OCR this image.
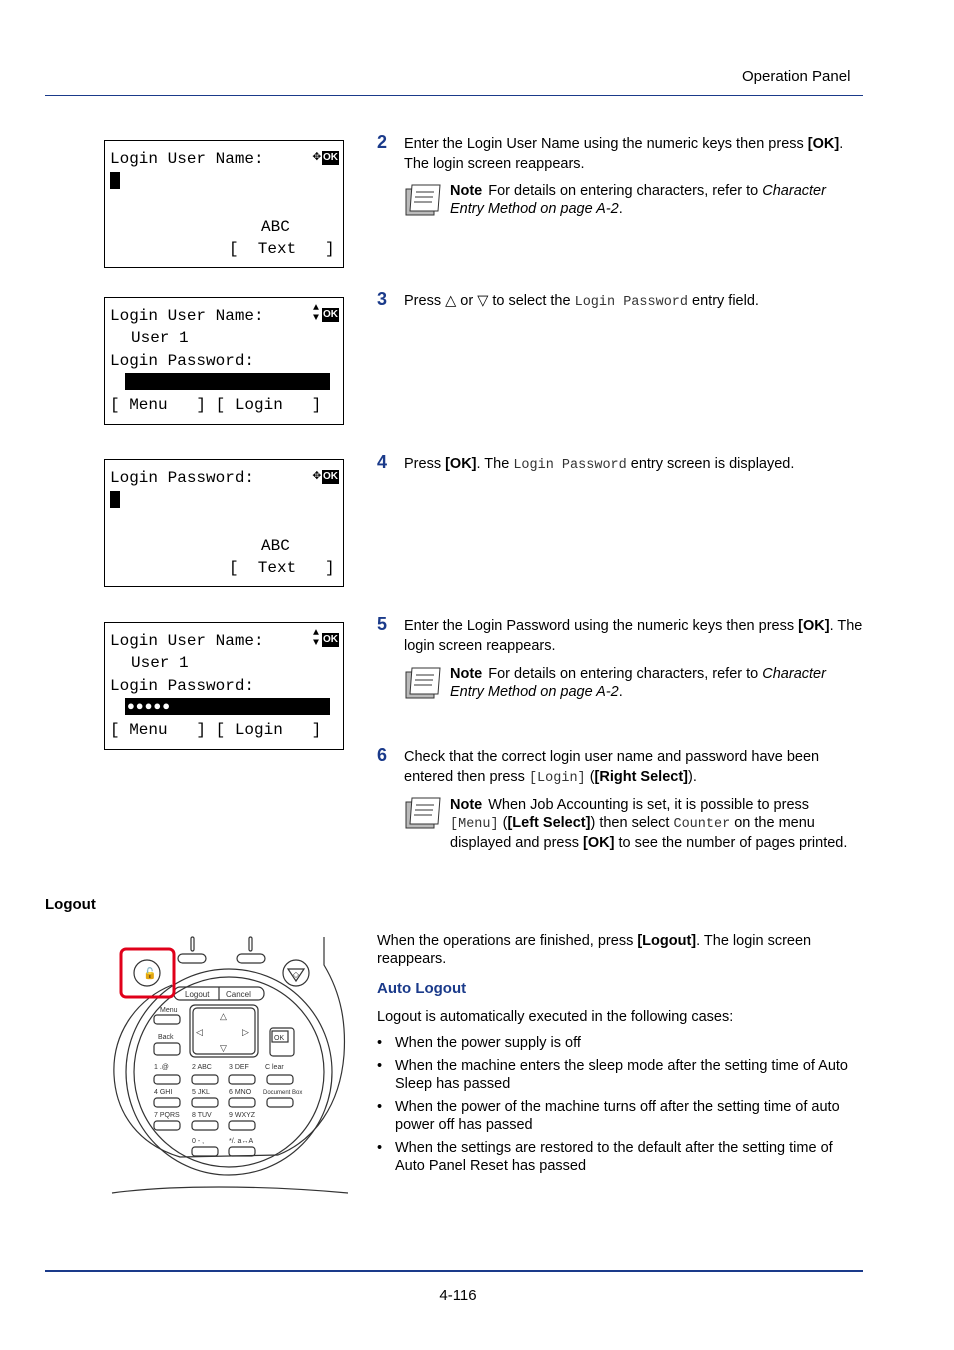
Operation Panel
Login User Name:	✥ OK
ABC
[  Text   ]
Login User Name:	▲
▼ OK
User 1
Login Password:
[ Menu   ] [ Login   ]
Login Password:	✥ OK
ABC
[  Text   ]
Login User Name:	▲
▼ OK
User 1
Login Password:
●●●●●
[ Menu   ] [ Login   ]
2 Enter the Login User Name using the numeric keys then press [OK]. The login screen reappears.
Note For details on entering characters, refer to Character Entry Method on page A-2.
3 Press △ or ▽ to select the Login Password entry field.
4 Press [OK]. The Login Password entry screen is displayed.
5 Enter the Login Password using the numeric keys then press [OK]. The login screen reappears.
Note For details on entering characters, refer to Character Entry Method on page A-2.
6 Check that the correct login user name and password have been entered then press [Login] ([Right Select]).
Note When Job Accounting is set, it is possible to press [Menu] ([Left Select]) then select Counter on the menu displayed and press [OK] to see the number of pages printed.
Logout
🔓	◇
Logout Cancel
Menu
Back
△
▽
◁	▷
OK
C lear
Document Box
1 .@	2 ABC 3 DEF
4 GHI	5 JKL	6 MNO
7 PQRS 8 TUV 9 WXYZ
0 - ,	*/. a↔A
When the operations are finished, press [Logout]. The login screen reappears.
Auto Logout
Logout is automatically executed in the following cases:
• When the power supply is off
• When the machine enters the sleep mode after the setting time of Auto Sleep has passed
• When the power of the machine turns off after the setting time of auto power off has passed
• When the settings are restored to the default after the setting time of Auto Panel Reset has passed
4-116
